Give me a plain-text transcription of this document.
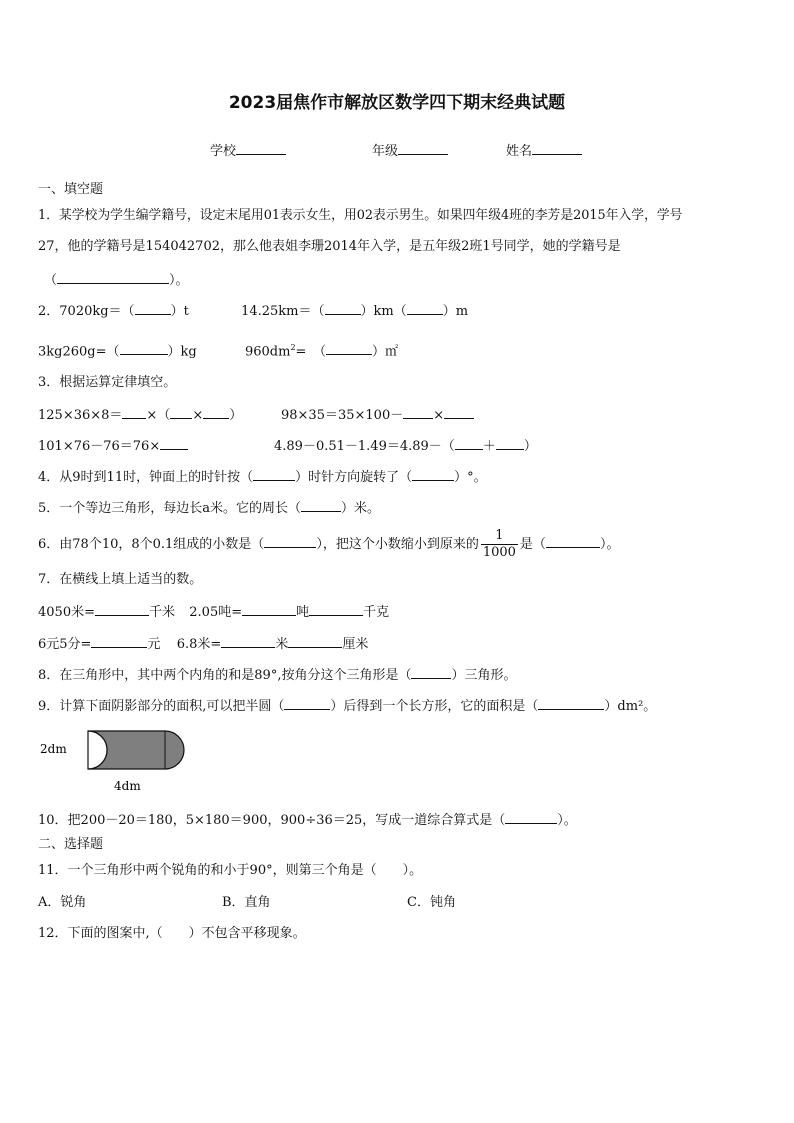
2023届焦作市解放区数学四下期末经典试题
学校	年级	姓名
一、填空题
1．某学校为学生编学籍号，设定末尾用01表示女生，用02表示男生。如果四年级4班的李芳是2015年入学，学号
27，他的学籍号是154042702，那么他表姐李珊2014年入学，是五年级2班1号同学，她的学籍号是
（	）。
2．7020kg＝（	）t	14.25km＝（	）km（	）m
3kg260g=（	）kg	$960dm^2=$　（	）㎡
3．根据运算定律填空。
125×36×8＝ ×（ × ）	98×35＝35×100－ ×
101×76－76＝76×	4.89－0.51－1.49＝4.89－（ ＋ ）
4．从9时到11时，钟面上的时针按（	）时针方向旋转了（	）°。
5．一个等边三角形，每边长a米。它的周长（	）米。
6．由78个10，8个0.1组成的小数是（	），把这个小数缩小到原来的 $\frac{1}{1000}$ 是（	）。
7．在横线上填上适当的数。
4050米=	千米 2.05吨=	吨	千克
6元5分=	元 6.8米=	米	厘米
8．在三角形中，其中两个内角的和是89°,按角分这个三角形是（	）三角形。
9．计算下面阴影部分的面积,可以把半圆（	）后得到一个长方形，它的面积是（	）dm²。
2dm
4dm
10．把200－20＝180，5×180＝900，900÷36＝25，写成一道综合算式是（	）。
二、选择题
11．一个三角形中两个锐角的和小于90°，则第三个角是（　　）。
A．锐角	B．直角	C．钝角
12．下面的图案中,（　　）不包含平移现象。
